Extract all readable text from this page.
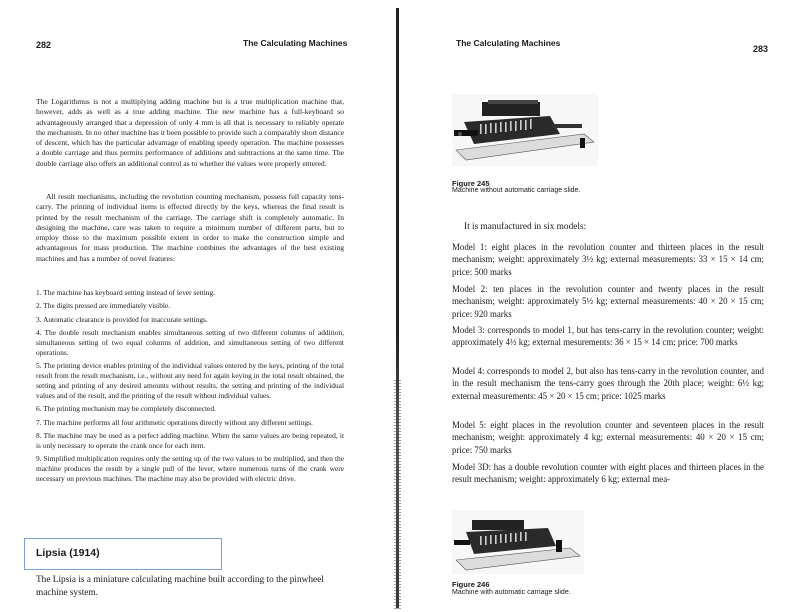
282	The Calculating Machines

The Logarithmus is not a multiplying adding machine but is a true multiplication machine that, however, adds as well as a true adding machine. The new machine has a full-keyboard so advantageously arranged that a depression of only 4 mm is all that is necessary to reliably operate the mechanism. In no other machine has it been possible to provide such a comparably short distance of descent, which has the particular advantage of enabling speedy operation. The machine possesses a double carriage and thus permits performance of additions and subtractions at the same time. The double carriage also offers an additional control as to whether the values were properly entered.

All result mechanisms, including the revolution counting mechanism, possess full capacity tens-carry. The printing of individual items is effected directly by the keys, whereas the final result is printed by the result mechanism of the carriage. The carriage shift is completely automatic. In designing the machine, care was taken to require a minimum number of different parts, but to employ those to the maximum possible extent in order to make the construction simple and advantageous for mass production. The machine combines the advantages of the best existing machines and has a number of novel features:

1. The machine has keyboard setting instead of lever setting.
2. The digits pressed are immediately visible.
3. Automatic clearance is provided for inaccurate settings.
4. The double result mechanism enables simultaneous setting of two different columns of addition, simultaneous setting of two equal columns of addition, and simultaneous setting of two different operations.
5. The printing device enables printing of the individual values entered by the keys, printing of the total result from the result mechanism, i.e., without any need for again keying in the total result obtained, the setting and printing of any desired amounts without results, the setting and printing of the individual values and of the result, and the printing of the result without individual values.
6. The printing mechanism may be completely disconnected.
7. The machine performs all four arithmetic operations directly without any different settings.
8. The machine may be used as a perfect adding machine. When the same values are being repeated, it is only necessary to operate the crank once for each item.
9. Simplified multiplication requires only the setting up of the two values to be multiplied, and then the machine produces the result by a single pull of the lever, where numerous turns of the crank were necessary on previous machines. The machine may also be provided with electric drive.
Lipsia (1914)

The Lipsia is a miniature calculating machine built according to the pinwheel machine system.

283
The Calculating Machines
Figure 245
Machine without automatic carriage slide.
It is manufactured in six models:

Model 1: eight places in the revolution counter and thirteen places in the result mechanism; weight: approximately 3½ kg; external measurements: 33 × 15 × 14 cm; price: 500 marks

Model 2: ten places in the revolution counter and twenty places in the result mechanism; weight: approximately 5½ kg; external measurements: 40 × 20 × 15 cm; price: 920 marks

Model 3: corresponds to model 1, but has tens-carry in the revolution counter; weight: approximately 4½ kg; external mesurements: 36 × 15 × 14 cm; price: 700 marks

Model 4: corresponds to model 2, but also has tens-carry in the revolution counter, and in the result mechanism the tens-carry goes through the 20th place; weight: 6½ kg; external measurements: 45 × 20 × 15 cm; price: 1025 marks

Model 5: eight places in the revolution counter and seventeen places in the result mechanism; weight: approximately 4 kg; external measurements: 40 × 20 × 15 cm; price: 750 marks

Model 3D: has a double revolution counter with eight places and thirteen places in the result mechanism; weight: approximately 6 kg; external mea-

Figure 246
Machine with automatic carriage slide.
